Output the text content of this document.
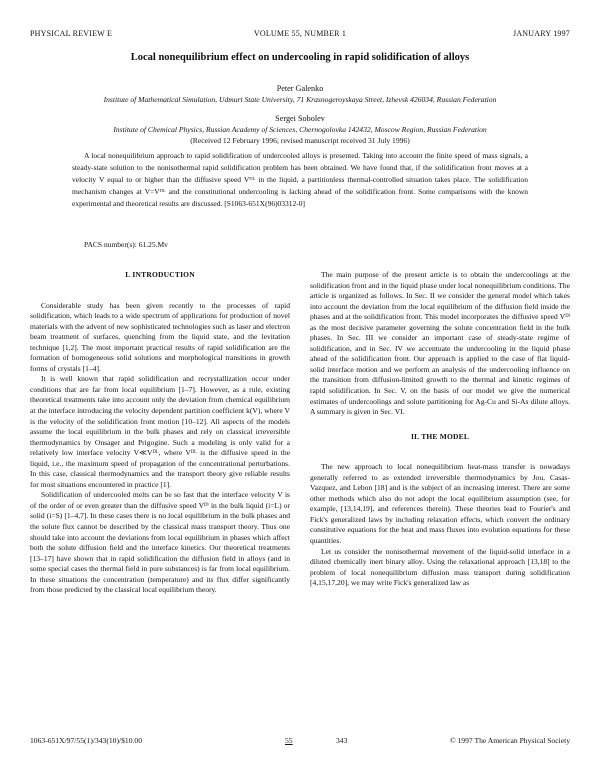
PHYSICAL REVIEW E	VOLUME 55, NUMBER 1	JANUARY 1997
Local nonequilibrium effect on undercooling in rapid solidification of alloys
Peter Galenko
Institute of Mathematical Simulation, Udmurt State University, 71 Krasnogeroyskaya Street, Izhevsk 426034, Russian Federation
Sergei Sobolev
Institute of Chemical Physics, Russian Academy of Sciences, Chernogolovka 142432, Moscow Region, Russian Federation
(Received 12 February 1996; revised manuscript received 31 July 1996)
A local nonequilibrium approach to rapid solidification of undercooled alloys is presented. Taking into account the finite speed of mass signals, a steady-state solution to the nonisothermal rapid solidification problem has been obtained. We have found that, if the solidification front moves at a velocity V equal to or higher than the diffusive speed Vᴰᴸ in the liquid, a partitionless thermal-controlled situation takes place. The solidification mechanism changes at V=Vᴰᴸ and the constitutional undercooling is lacking ahead of the solidification front. Some comparisons with the known experimental and theoretical results are discussed. [S1063-651X(96)03312-0]
PACS number(s): 61.25.Mv
I. INTRODUCTION

Considerable study has been given recently to the processes of rapid solidification, which leads to a wide spectrum of applications for production of novel materials with the advent of new sophisticated technologies such as laser and electron beam treatment of surfaces, quenching from the liquid state, and the levitation technique [1,2]. The most important practical results of rapid solidification are the formation of homogeneous solid solutions and morphological transitions in growth forms of crystals [1–4].

It is well known that rapid solidification and recrystallization occur under conditions that are far from local equilibrium [1–7]. However, as a rule, existing theoretical treatments take into account only the deviation from chemical equilibrium at the interface introducing the velocity dependent partition coefficient k(V), where V is the velocity of the solidification front motion [10–12]. All aspects of the models assume the local equilibrium in the bulk phases and rely on classical irreversible thermodynamics by Onsager and Prigogine. Such a modeling is only valid for a relatively low interface velocity V≪Vᴰᴸ, where Vᴰᴸ is the diffusive speed in the liquid, i.e., the maximum speed of propagation of the concentrational perturbations. In this case, classical thermodynamics and the transport theory give reliable results for most situations encountered in practice [1].

Solidification of undercooled melts can be so fast that the interface velocity V is of the order of or even greater than the diffusive speed Vᴰⁱ in the bulk liquid (i=L) or solid (i=S) [1–4,7]. In these cases there is no local equilibrium in the bulk phases and the solute flux cannot be described by the classical mass transport theory. Thus one should take into account the deviations from local equilibrium in phases which affect both the solute diffusion field and the interface kinetics. Our theoretical treatments [13–17] have shown that in rapid solidification the diffusion field in alloys (and in some special cases the thermal field in pure substances) is far from local equilibrium. In these situations the concentration (temperature) and its flux differ significantly from those predicted by the classical local equilibrium theory.

The main purpose of the present article is to obtain the undercoolings at the solidification front and in the liquid phase under local nonequilibrium conditions. The article is organized as follows. In Sec. II we consider the general model which takes into account the deviation from the local equilibrium of the diffusion field inside the phases and at the solidification front. This model incorporates the diffusive speed Vᴰⁱ as the most decisive parameter governing the solute concentration field in the bulk phases. In Sec. III we consider an important case of steady-state regime of solidification, and in Sec. IV we accentuate the undercooling in the liquid phase ahead of the solidification front. Our approach is applied to the case of flat liquid-solid interface motion and we perform an analysis of the undercooling influence on the transition from diffusion-limited growth to the thermal and kinetic regimes of rapid solidification. In Sec. V, on the basis of our model we give the numerical estimates of undercoolings and solute partitioning for Ag-Cu and Si-As dilute alloys. A summary is given in Sec. VI.

II. THE MODEL

The new approach to local nonequilibrium heat-mass transfer is nowadays generally referred to as extended irreversible thermodynamics by Jou, Casas-Vazquez, and Lebon [18] and is the subject of an increasing interest. There are some other methods which also do not adopt the local equilibrium assumption (see, for example, [13,14,19], and references therein). These theories lead to Fourier's and Fick's generalized laws by including relaxation effects, which convert the ordinary constitutive equations for the heat and mass fluxes into evolution equations for these quantities.

Let us consider the nonisothermal movement of the liquid-solid interface in a diluted chemically inert binary alloy. Using the relaxational approach [13,18] to the problem of local nonequilibrium diffusion mass transport during solidification [4,15,17,20], we may write Fick's generalized law as

1063-651X/97/55(1)/343(10)/$10.00	55	343	© 1997 The American Physical Society
